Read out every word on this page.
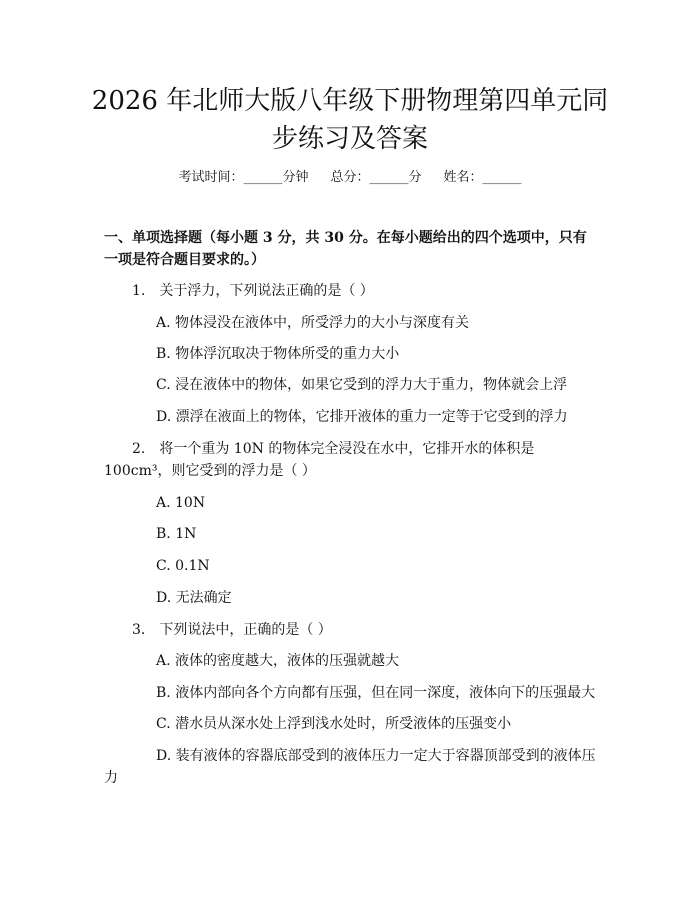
2026 年北师大版八年级下册物理第四单元同步练习及答案
考试时间：______分钟 总分：______分 姓名：______

一、单项选择题（每小题 3 分，共 30 分。在每小题给出的四个选项中，只有一项是符合题目要求的。）

1.　关于浮力，下列说法正确的是（ ）

A. 物体浸没在液体中，所受浮力的大小与深度有关

B. 物体浮沉取决于物体所受的重力大小

C. 浸在液体中的物体，如果它受到的浮力大于重力，物体就会上浮

D. 漂浮在液面上的物体，它排开液体的重力一定等于它受到的浮力

2.　将一个重为 10N 的物体完全浸没在水中，它排开水的体积是 100cm³，则它受到的浮力是（ ）

A. 10N

B. 1N

C. 0.1N

D. 无法确定

3.　下列说法中，正确的是（ ）

A. 液体的密度越大，液体的压强就越大

B. 液体内部向各个方向都有压强，但在同一深度，液体向下的压强最大

C. 潜水员从深水处上浮到浅水处时，所受液体的压强变小

D. 装有液体的容器底部受到的液体压力一定大于容器顶部受到的液体压力
